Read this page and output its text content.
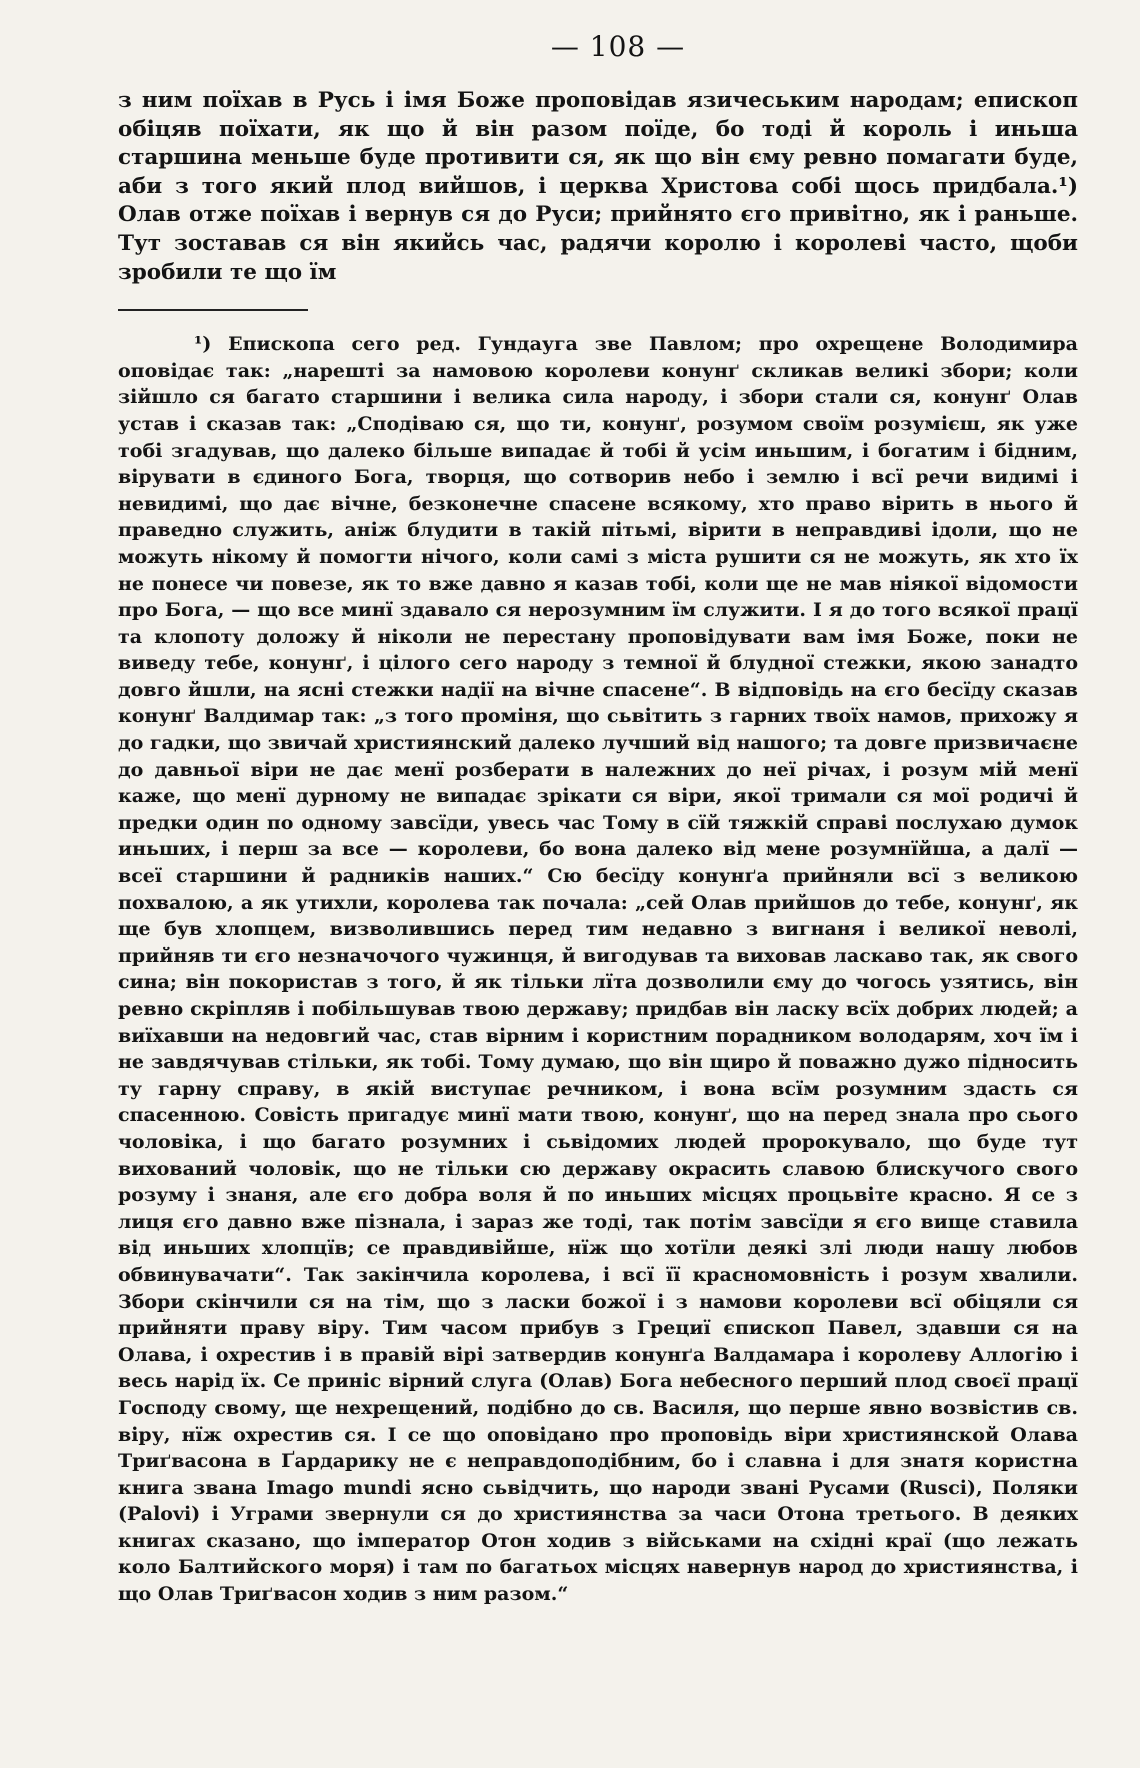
— 108 —

з ним поїхав в Русь і імя Боже проповідав язичеським народам; епископ обіцяв поїхати, як що й він разом поїде, бо тоді й король і иньша старшина меньше буде противити ся, як що він єму ревно помагати буде, аби з того який плод вийшов, і церква Христова собі щось придбала.¹) Олав отже поїхав і вернув ся до Руси; прийнято єго привітно, як і раньше. Тут зоставав ся він якийсь час, радячи королю і королеві часто, щоби зробили те що їм

¹) Епископа сего ред. Гундауга зве Павлом; про охрещене Володимира оповідає так: „нарешті за намовою королеви конунґ скликав великі збори; коли зійшло ся багато старшини і велика сила народу, і збори стали ся, конунґ Олав устав і сказав так: „Сподіваю ся, що ти, конунґ, розумом своїм розумієш, як уже тобі згадував, що далеко більше випадає й тобі й усім иньшим, і богатим і бідним, вірувати в єдиного Бога, творця, що сотворив небо і землю і всї речи видимі і невидимі, що дає вічне, безконечне спасене всякому, хто право вірить в нього й праведно служить, аніж блудити в такій пітьмі, вірити в неправдиві ідоли, що не можуть нікому й помогти нічого, коли самі з міста рушити ся не можуть, як хто їх не понесе чи повезе, як то вже давно я казав тобі, коли ще не мав ніякої відомости про Бога, — що все минї здавало ся нерозумним їм служити. І я до того всякої працї та клопоту доложу й ніколи не перестану проповідувати вам імя Боже, поки не виведу тебе, конунґ, і цілого сего народу з темної й блудної стежки, якою занадто довго йшли, на ясні стежки надії на вічне спасене“. В відповідь на єго бесїду сказав конунґ Валдимар так: „з того проміня, що сьвітить з гарних твоїх намов, прихожу я до гадки, що звичай християнский далеко лучший від нашого; та довге призвичаєне до давньої віри не дає менї розберати в належних до неї річах, і розум мій менї каже, що менї дурному не випадає зрікати ся віри, якої тримали ся мої родичі й предки один по одному завсїди, увесь час Тому в сїй тяжкій справі послухаю думок иньших, і перш за все — королеви, бо вона далеко від мене розумнїйша, а далї — всеї старшини й радників наших.“ Сю бесїду конунґа прийняли всї з великою похвалою, а як утихли, королева так почала: „сей Олав прийшов до тебе, конунґ, як ще був хлопцем, визволившись перед тим недавно з вигнаня і великої неволі, прийняв ти єго незначочого чужинця, й вигодував та виховав ласкаво так, як свого сина; він покористав з того, й як тільки лїта дозволили єму до чогось узятись, він ревно скріпляв і побільшував твою державу; придбав він ласку всїх добрих людей; а виїхавши на недовгий час, став вірним і користним порадником володарям, хоч їм і не завдячував стільки, як тобі. Тому думаю, що він щиро й поважно дужо підносить ту гарну справу, в якій виступає речником, і вона всїм розумним здасть ся спасенною. Совість пригадує минї мати твою, конунґ, що на перед знала про сього чоловіка, і що багато розумних і сьвідомих людей пророкувало, що буде тут вихований чоловік, що не тільки сю державу окрасить славою блискучого свого розуму і знаня, але єго добра воля й по иньших місцях процьвіте красно. Я се з лиця єго давно вже пізнала, і зараз же тоді, так потім завсїди я єго вище ставила від иньших хлопцїв; се правдивійше, нїж що хотїли деякі злі люди нашу любов обвинувачати“. Так закінчила королева, і всї її красномовність і розум хвалили. Збори скінчили ся на тім, що з ласки божої і з намови королеви всї обіцяли ся прийняти праву віру. Тим часом прибув з Грециї єпископ Павел, здавши ся на Олава, і охрестив і в правій вірі затвердив конунґа Валдамара і королеву Аллогію і весь нарід їх. Се приніс вірний слуга (Олав) Бога небесного перший плод своєї працї Господу свому, ще нехрещений, подібно до св. Василя, що перше явно возвістив св. віру, нїж охрестив ся. І се що оповідано про проповідь віри християнской Олава Триґвасона в Ґардарику не є неправдоподібним, бо і славна і для знатя користна книга звана Imago mundi ясно сьвідчить, що народи звані Русами (Rusci), Поляки (Palovi) і Уграми звернули ся до християнства за часи Отона третього. В деяких книгах сказано, що імператор Отон ходив з військами на східні краї (що лежать коло Балтийского моря) і там по багатьох місцях навернув народ до християнства, і що Олав Триґвасон ходив з ним разом.“
